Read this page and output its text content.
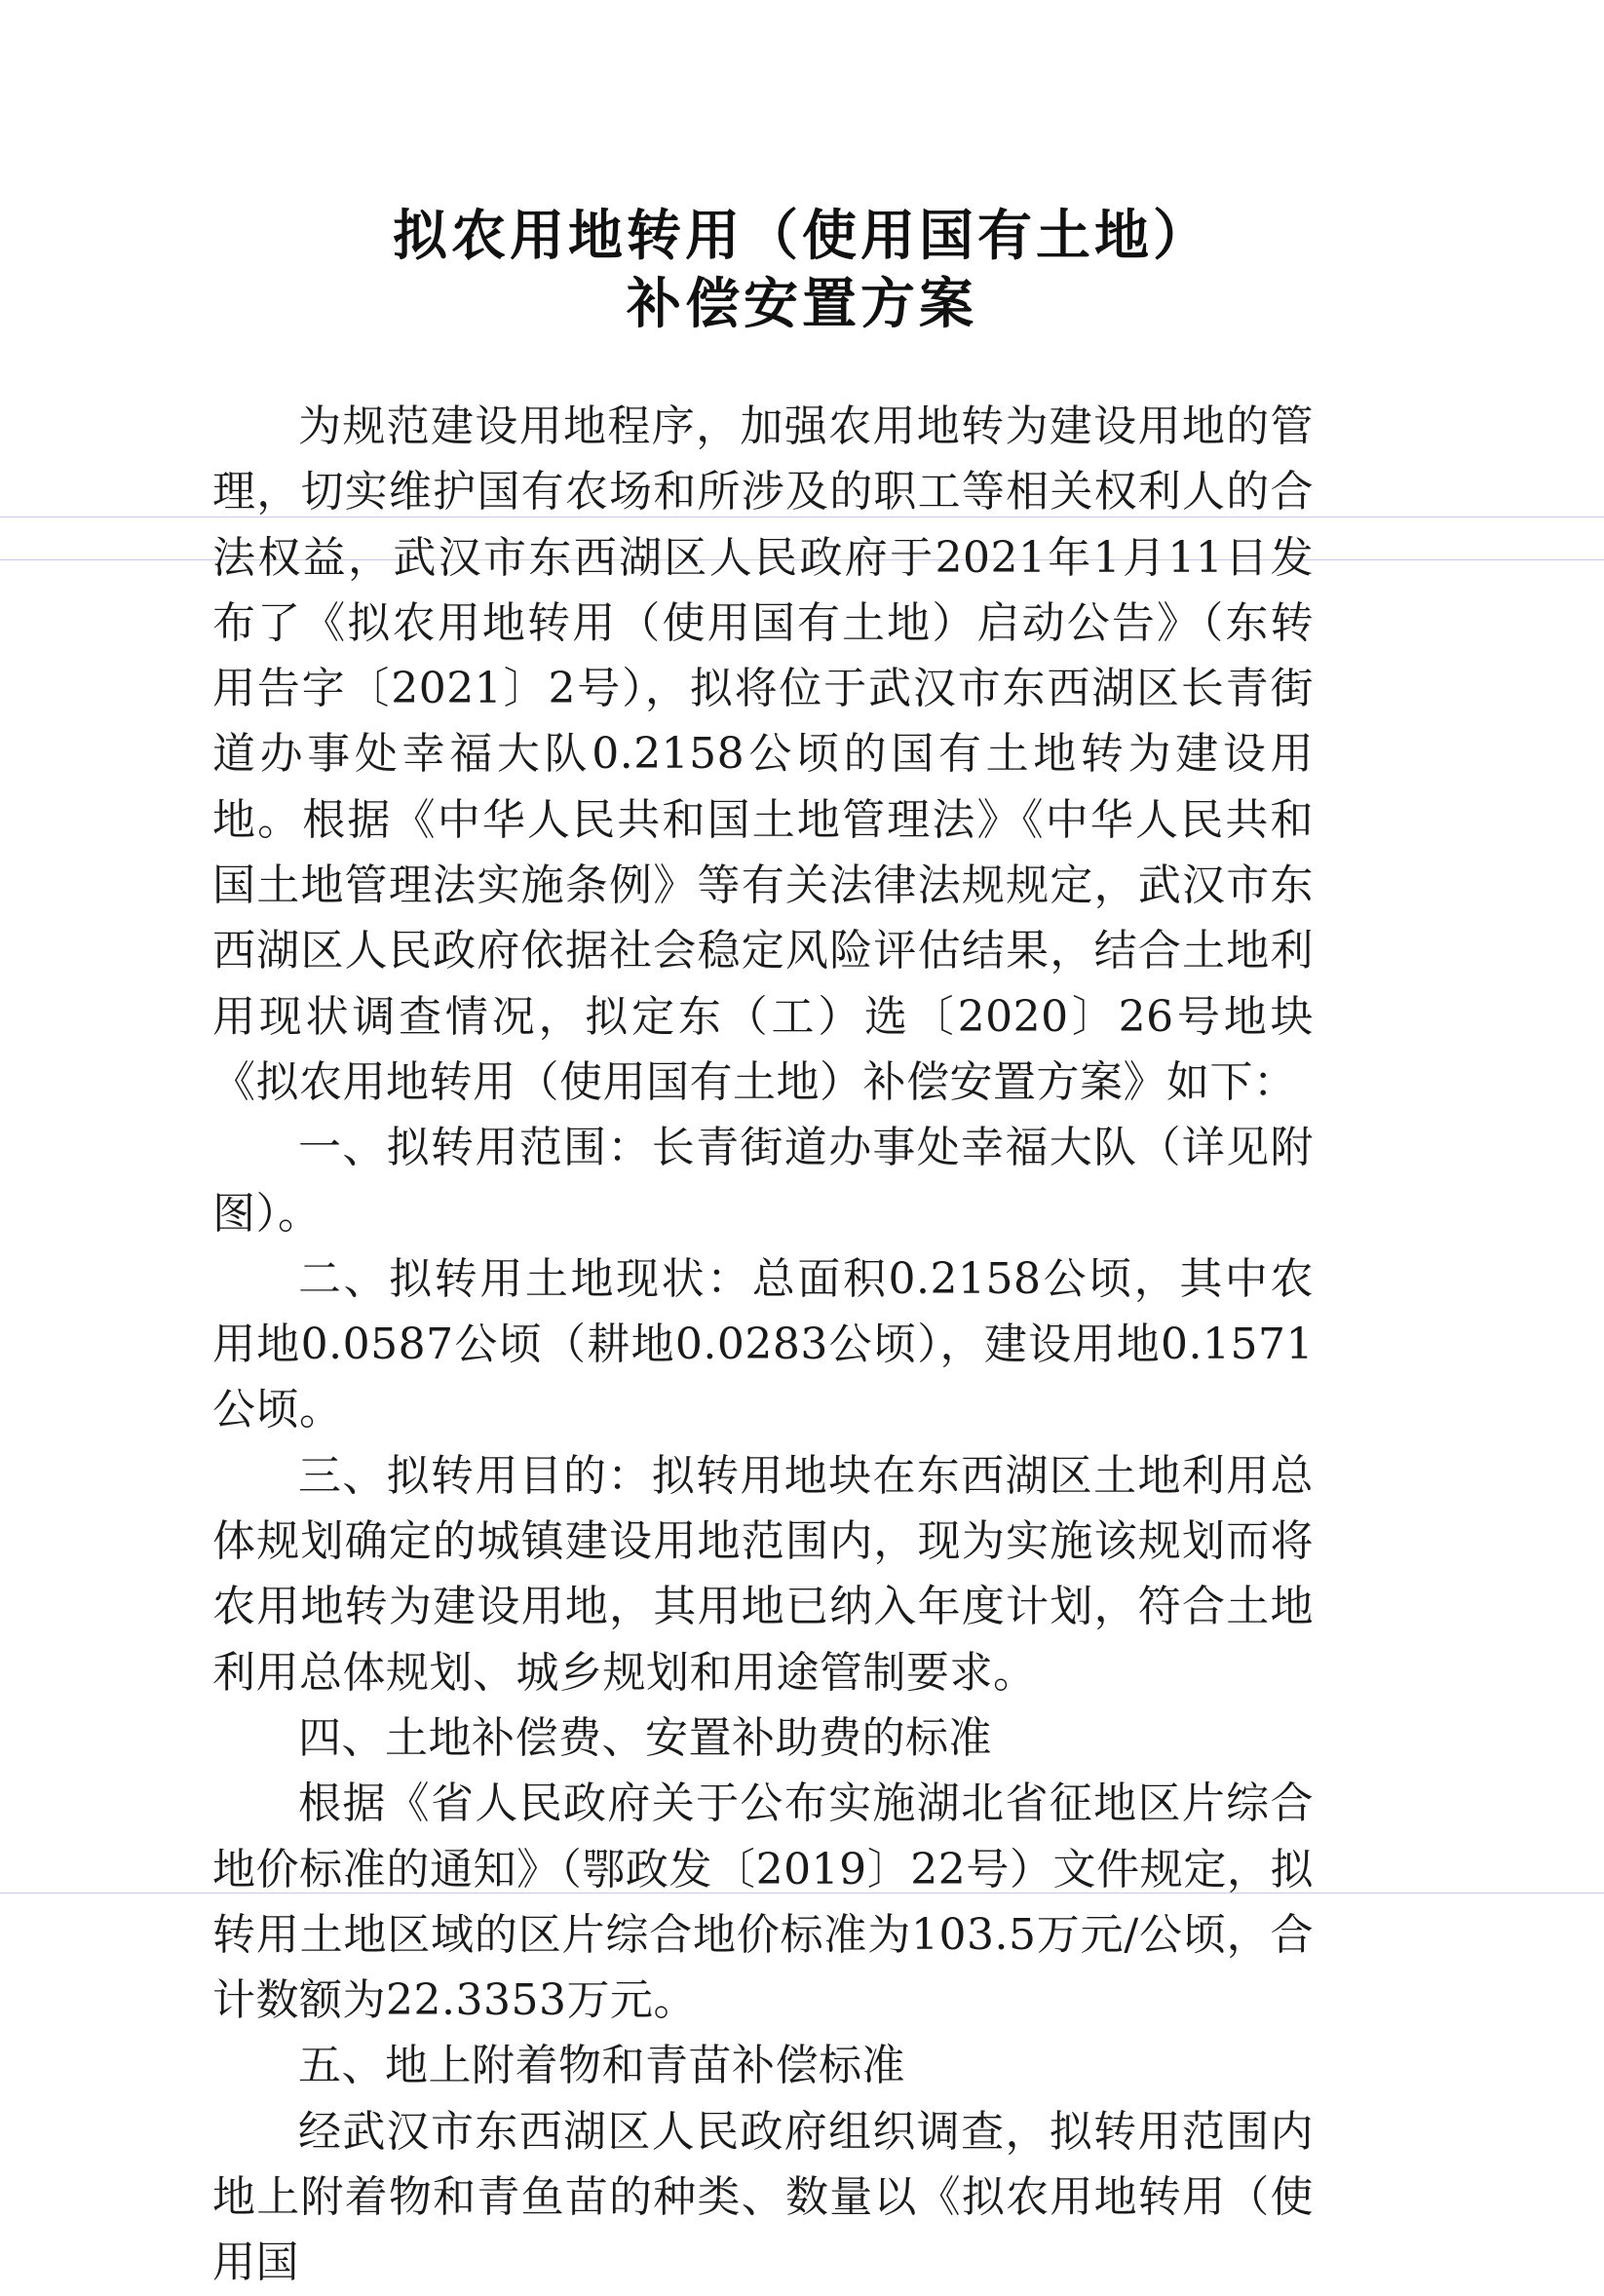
拟农用地转用（使用国有土地）
补偿安置方案

为规范建设用地程序，加强农用地转为建设用地的管理，切实维护国有农场和所涉及的职工等相关权利人的合法权益，武汉市东西湖区人民政府于2021年1月11日发布了《拟农用地转用（使用国有土地）启动公告》（东转用告字〔2021〕2号），拟将位于武汉市东西湖区长青街道办事处幸福大队0.2158公顷的国有土地转为建设用地。根据《中华人民共和国土地管理法》《中华人民共和国土地管理法实施条例》等有关法律法规规定，武汉市东西湖区人民政府依据社会稳定风险评估结果，结合土地利用现状调查情况，拟定东（工）选〔2020〕26号地块《拟农用地转用（使用国有土地）补偿安置方案》如下：

一、拟转用范围：长青街道办事处幸福大队（详见附图）。

二、拟转用土地现状：总面积0.2158公顷，其中农用地0.0587公顷（耕地0.0283公顷），建设用地0.1571公顷。

三、拟转用目的：拟转用地块在东西湖区土地利用总体规划确定的城镇建设用地范围内，现为实施该规划而将农用地转为建设用地，其用地已纳入年度计划，符合土地利用总体规划、城乡规划和用途管制要求。

四、土地补偿费、安置补助费的标准

根据《省人民政府关于公布实施湖北省征地区片综合地价标准的通知》（鄂政发〔2019〕22号）文件规定，拟转用土地区域的区片综合地价标准为103.5万元/公顷，合计数额为22.3353万元。

五、地上附着物和青苗补偿标准

经武汉市东西湖区人民政府组织调查，拟转用范围内地上附着物和青鱼苗的种类、数量以《拟农用地转用（使用国
